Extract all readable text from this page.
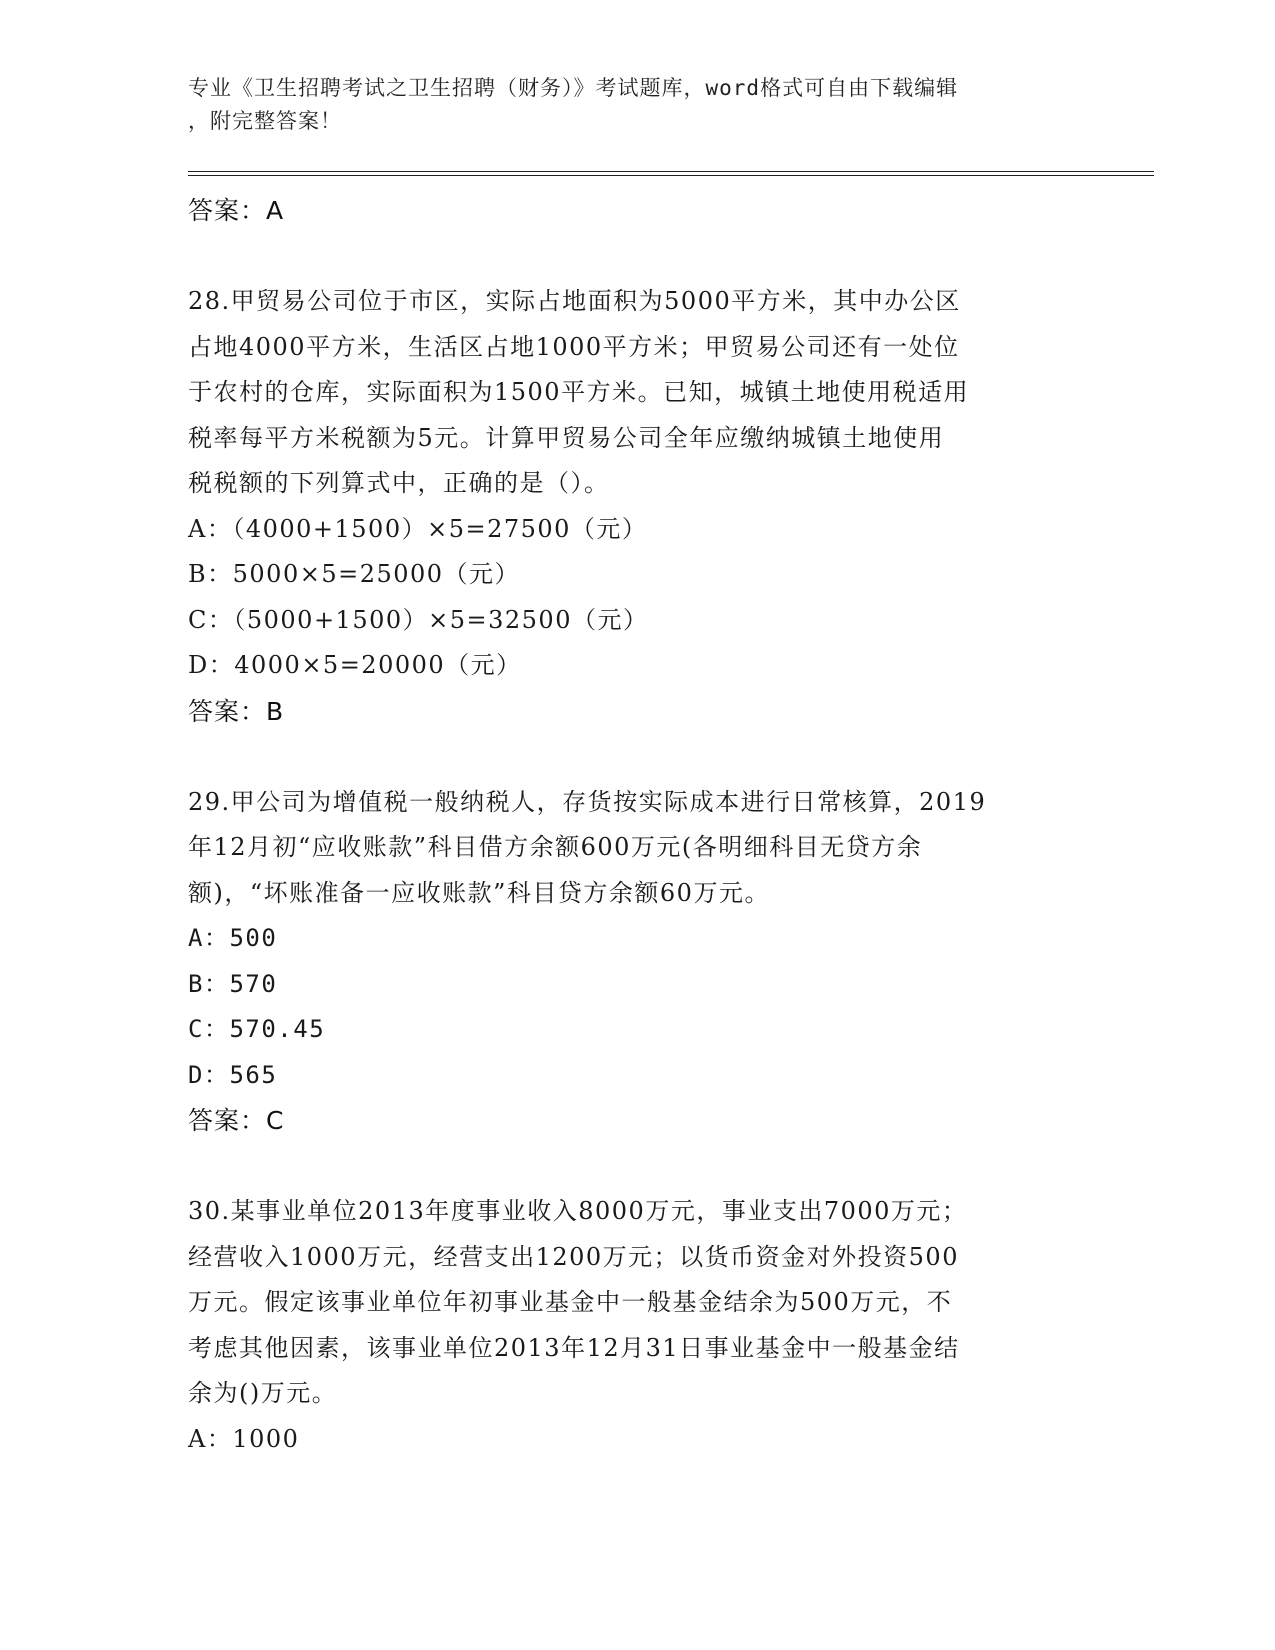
专业《卫生招聘考试之卫生招聘（财务）》考试题库，word格式可自由下载编辑
，附完整答案！
答案：A
28.甲贸易公司位于市区，实际占地面积为5000平方米，其中办公区
占地4000平方米，生活区占地1000平方米；甲贸易公司还有一处位
于农村的仓库，实际面积为1500平方米。已知，城镇土地使用税适用
税率每平方米税额为5元。计算甲贸易公司全年应缴纳城镇土地使用
税税额的下列算式中，正确的是（）。
A：（4000+1500）×5=27500（元）
B：5000×5=25000（元）
C：（5000+1500）×5=32500（元）
D：4000×5=20000（元）
答案：B
29.甲公司为增值税一般纳税人，存货按实际成本进行日常核算，2019
年12月初“应收账款”科目借方余额600万元(各明细科目无贷方余
额)，“坏账准备一应收账款”科目贷方余额60万元。
A：500
B：570
C：570.45
D：565
答案：C
30.某事业单位2013年度事业收入8000万元，事业支出7000万元；
经营收入1000万元，经营支出1200万元；以货币资金对外投资500
万元。假定该事业单位年初事业基金中一般基金结余为500万元，不
考虑其他因素，该事业单位2013年12月31日事业基金中一般基金结
余为()万元。
A：1000
